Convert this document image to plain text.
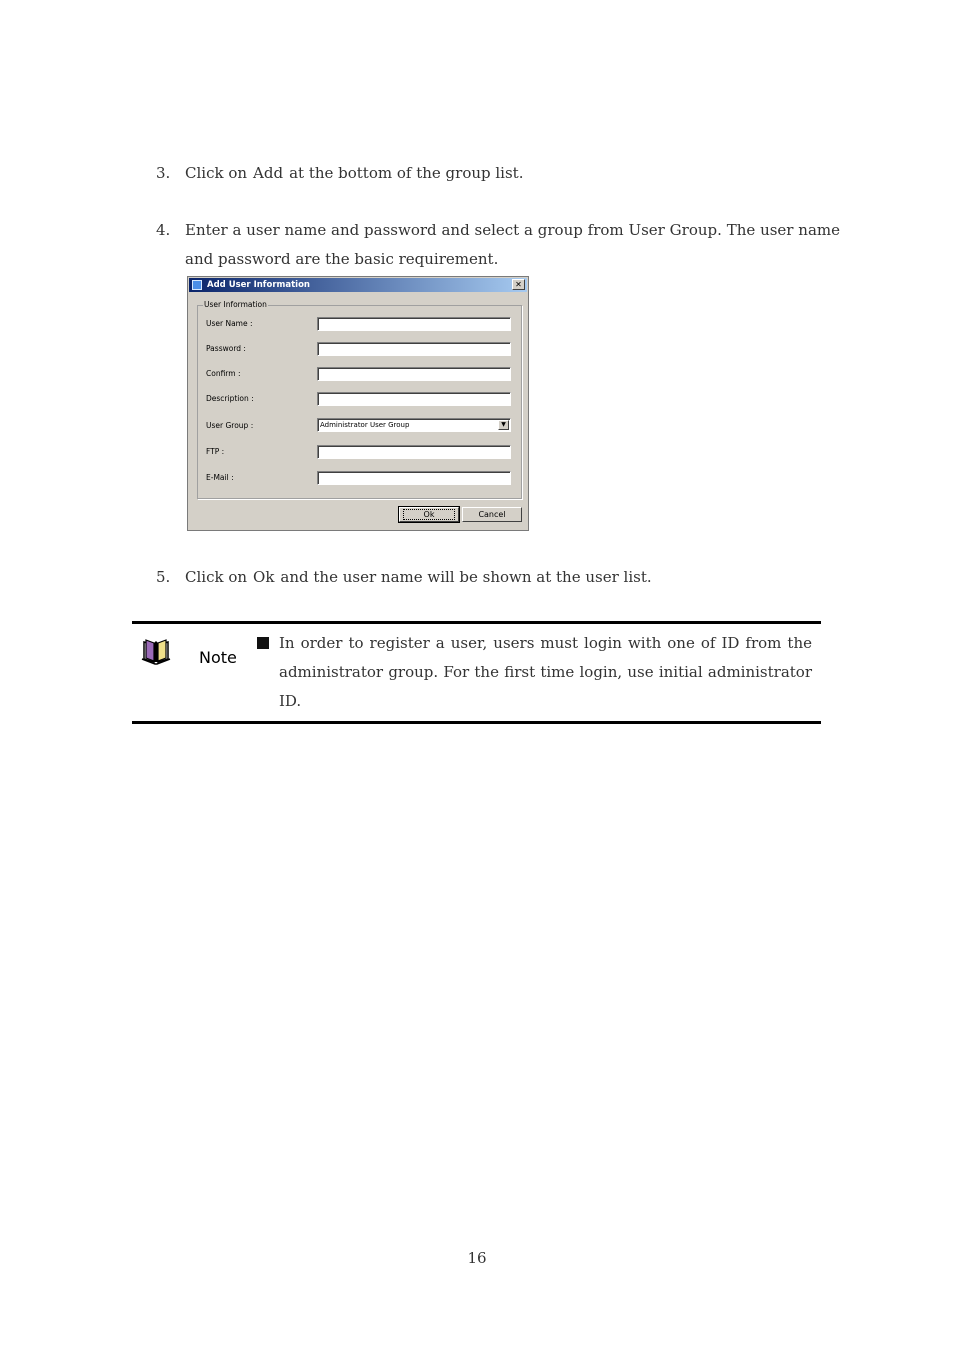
3. Click on Add at the bottom of the group list.
4. Enter a user name and password and select a group from User Group. The user name and password are the basic requirement.
Add User Information	✕
User Information
User Name :
Password :
Confirm :
Description :
User Group :	Administrator User Group	▼
FTP :
E-Mail :
Ok	Cancel
5. Click on Ok and the user name will be shown at the user list.
Note
In order to register a user, users must login with one of ID from the administrator group. For the first time login, use initial administrator ID.
16
